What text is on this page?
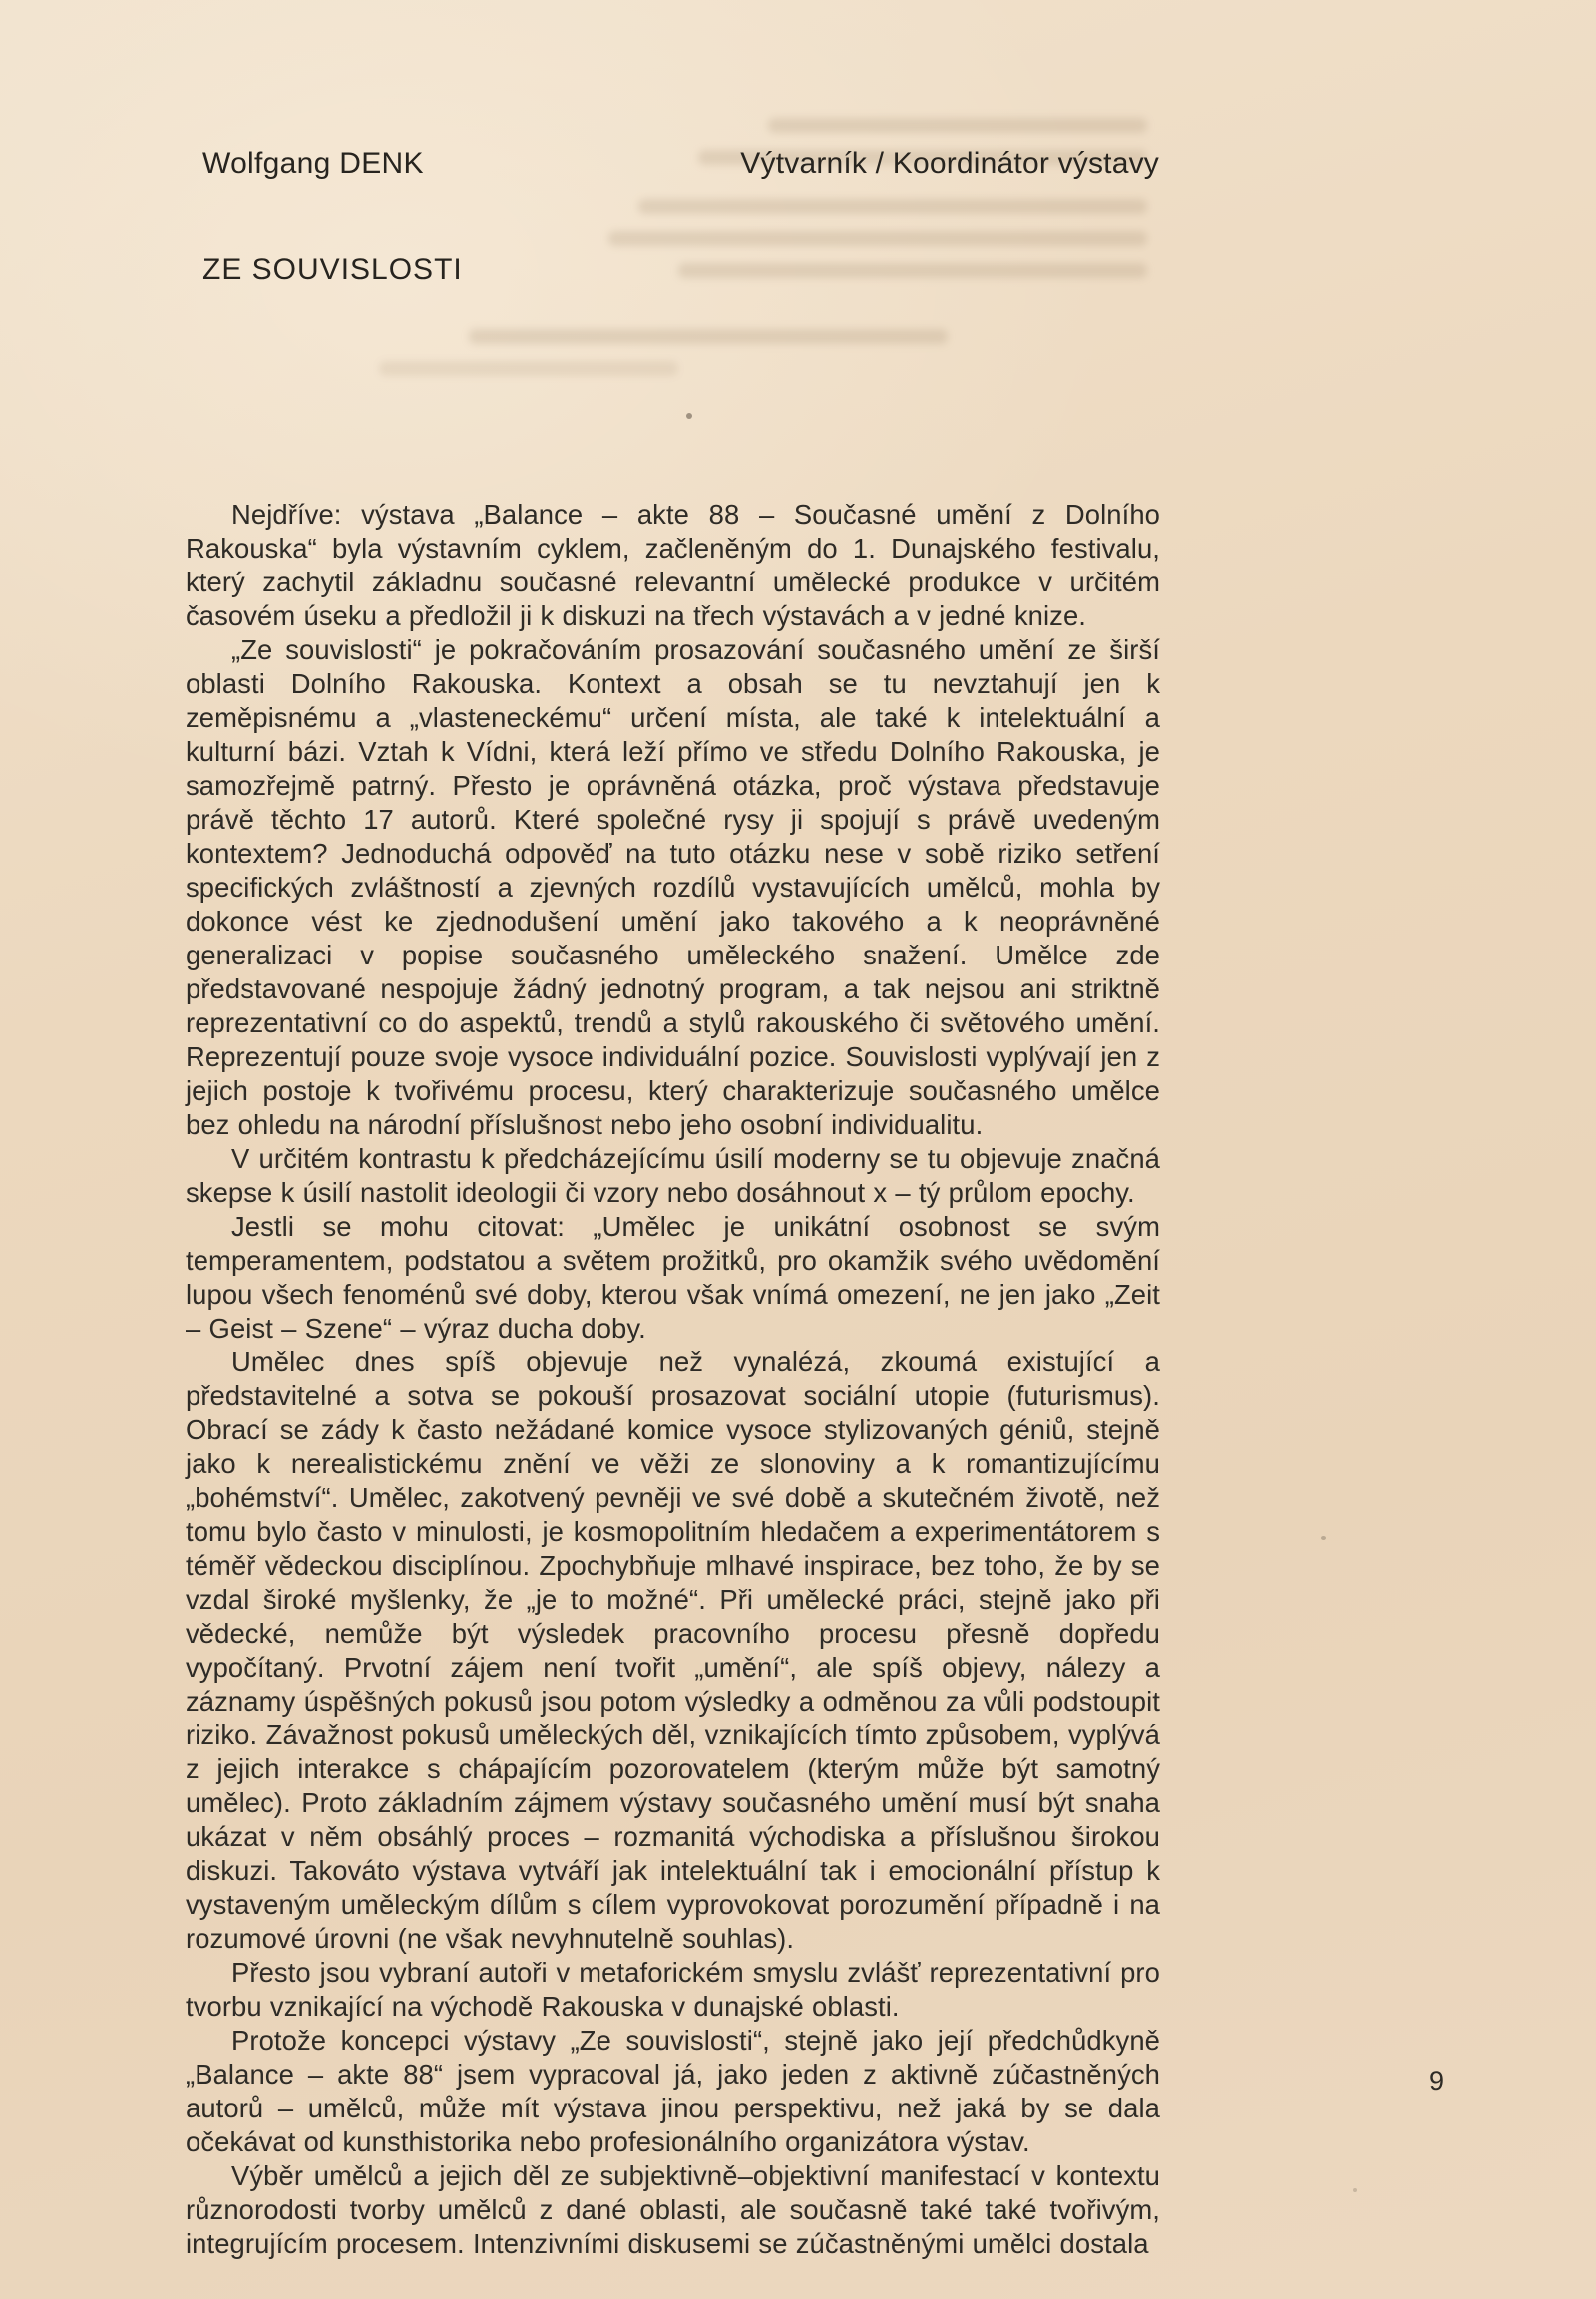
Wolfgang DENK	Výtvarník / Koordinátor výstavy
ZE SOUVISLOSTI

Nejdříve: výstava „Balance – akte 88 – Současné umění z Dolního Rakouska“ byla výstavním cyklem, začleněným do 1. Dunajského festivalu, který zachytil základnu současné relevantní umělecké produkce v určitém časovém úseku a předložil ji k diskuzi na třech výstavách a v jedné knize.

„Ze souvislosti“ je pokračováním prosazování současného umění ze širší oblasti Dolního Rakouska. Kontext a obsah se tu nevztahují jen k zeměpisnému a „vlasteneckému“ určení místa, ale také k intelektuální a kulturní bázi. Vztah k Vídni, která leží přímo ve středu Dolního Rakouska, je samozřejmě patrný. Přesto je oprávněná otázka, proč výstava představuje právě těchto 17 autorů. Které společné rysy ji spojují s právě uvedeným kontextem? Jednoduchá odpověď na tuto otázku nese v sobě riziko setření specifických zvláštností a zjevných rozdílů vystavujících umělců, mohla by dokonce vést ke zjednodušení umění jako takového a k neoprávněné generalizaci v popise současného uměleckého snažení. Umělce zde představované nespojuje žádný jednotný program, a tak nejsou ani striktně reprezentativní co do aspektů, trendů a stylů rakouského či světového umění. Reprezentují pouze svoje vysoce individuální pozice. Souvislosti vyplývají jen z jejich postoje k tvořivému procesu, který charakterizuje současného umělce bez ohledu na národní příslušnost nebo jeho osobní individualitu.

V určitém kontrastu k předcházejícímu úsilí moderny se tu objevuje značná skepse k úsilí nastolit ideologii či vzory nebo dosáhnout x – tý průlom epochy.

Jestli se mohu citovat: „Umělec je unikátní osobnost se svým temperamentem, podstatou a světem prožitků, pro okamžik svého uvědomění lupou všech fenoménů své doby, kterou však vnímá omezení, ne jen jako „Zeit – Geist – Szene“ – výraz ducha doby.

Umělec dnes spíš objevuje než vynalézá, zkoumá existující a představitelné a sotva se pokouší prosazovat sociální utopie (futurismus). Obrací se zády k často nežádané komice vysoce stylizovaných géniů, stejně jako k nerealistickému znění ve věži ze slonoviny a k romantizujícímu „bohémství“. Umělec, zakotvený pevněji ve své době a skutečném životě, než tomu bylo často v minulosti, je kosmopolitním hledačem a experimentátorem s téměř vědeckou disciplínou. Zpochybňuje mlhavé inspirace, bez toho, že by se vzdal široké myšlenky, že „je to možné“. Při umělecké práci, stejně jako při vědecké, nemůže být výsledek pracovního procesu přesně dopředu vypočítaný. Prvotní zájem není tvořit „umění“, ale spíš objevy, nálezy a záznamy úspěšných pokusů jsou potom výsledky a odměnou za vůli podstoupit riziko. Závažnost pokusů uměleckých děl, vznikajících tímto způsobem, vyplývá z jejich interakce s chápajícím pozorovatelem (kterým může být samotný umělec). Proto základním zájmem výstavy současného umění musí být snaha ukázat v něm obsáhlý proces – rozmanitá východiska a příslušnou širokou diskuzi. Takováto výstava vytváří jak intelektuální tak i emocionální přístup k vystaveným uměleckým dílům s cílem vyprovokovat porozumění případně i na rozumové úrovni (ne však nevyhnutelně souhlas).

Přesto jsou vybraní autoři v metaforickém smyslu zvlášť reprezentativní pro tvorbu vznikající na východě Rakouska v dunajské oblasti.

Protože koncepci výstavy „Ze souvislosti“, stejně jako její předchůdkyně „Balance – akte 88“ jsem vypracoval já, jako jeden z aktivně zúčastněných autorů – umělců, může mít výstava jinou perspektivu, než jaká by se dala očekávat od kunsthistorika nebo profesionálního organizátora výstav.

Výběr umělců a jejich děl ze subjektivně–objektivní manifestací v kontextu různorodosti tvorby umělců z dané oblasti, ale současně také také tvořivým, integrujícím procesem. Intenzivními diskusemi se zúčastněnými umělci dostala

9
